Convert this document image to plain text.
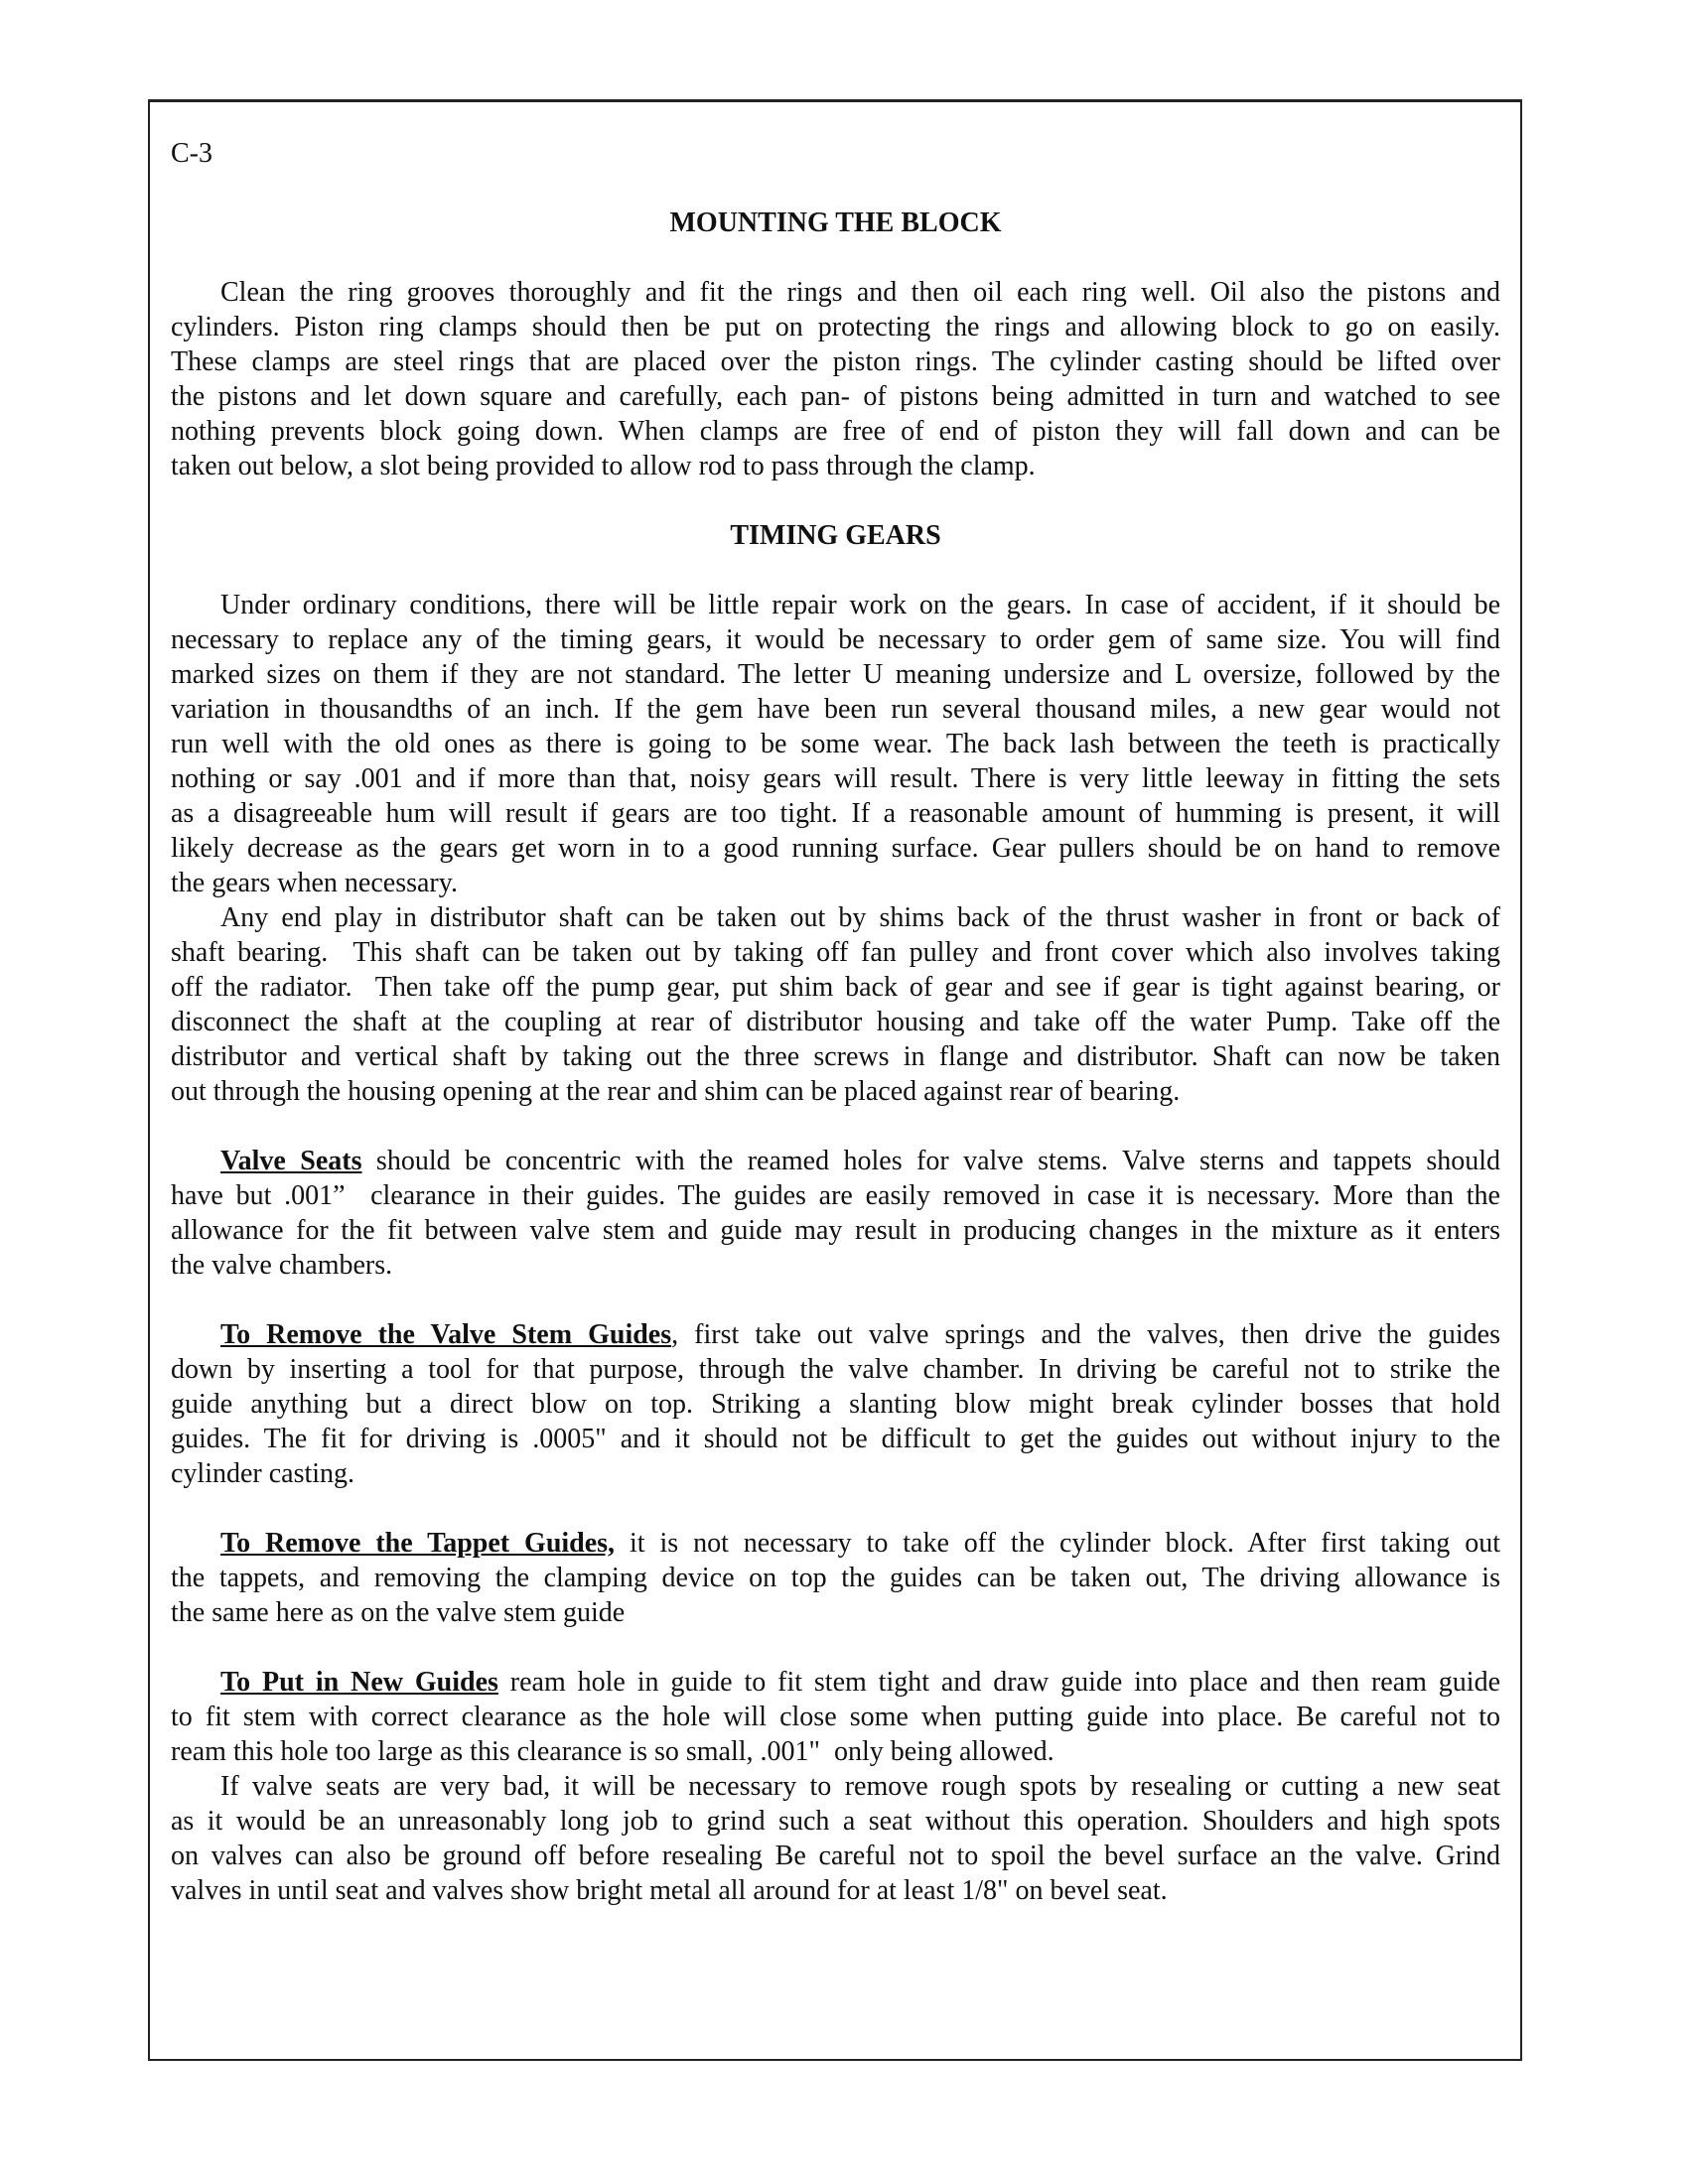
C-3
MOUNTING THE BLOCK
TIMING GEARS
Clean the ring grooves thoroughly and fit the rings and then oil each ring well. Oil also the pistons and
cylinders. Piston ring clamps should then be put on protecting the rings and allowing block to go on easily.
These clamps are steel rings that are placed over the piston rings. The cylinder casting should be lifted over
the pistons and let down square and carefully, each pan- of pistons being admitted in turn and watched to see
nothing prevents block going down. When clamps are free of end of piston they will fall down and can be
taken out below, a slot being provided to allow rod to pass through the clamp.
Under ordinary conditions, there will be little repair work on the gears. In case of accident, if it should be
necessary to replace any of the timing gears, it would be necessary to order gem of same size. You will find
marked sizes on them if they are not standard. The letter U meaning undersize and L oversize, followed by the
variation in thousandths of an inch. If the gem have been run several thousand miles, a new gear would not
run well with the old ones as there is going to be some wear. The back lash between the teeth is practically
nothing or say .001 and if more than that, noisy gears will result. There is very little leeway in fitting the sets
as a disagreeable hum will result if gears are too tight. If a reasonable amount of humming is present, it will
likely decrease as the gears get worn in to a good running surface. Gear pullers should be on hand to remove
the gears when necessary.
Any end play in distributor shaft can be taken out by shims back of the thrust washer in front or back of
shaft bearing.  This shaft can be taken out by taking off fan pulley and front cover which also involves taking
off the radiator.  Then take off the pump gear, put shim back of gear and see if gear is tight against bearing, or
disconnect the shaft at the coupling at rear of distributor housing and take off the water Pump. Take off the
distributor and vertical shaft by taking out the three screws in flange and distributor. Shaft can now be taken
out through the housing opening at the rear and shim can be placed against rear of bearing.
Valve Seats should be concentric with the reamed holes for valve stems. Valve sterns and tappets should
have but .001”  clearance in their guides. The guides are easily removed in case it is necessary. More than the
allowance for the fit between valve stem and guide may result in producing changes in the mixture as it enters
the valve chambers.
To Remove the Valve Stem Guides, first take out valve springs and the valves, then drive the guides
down by inserting a tool for that purpose, through the valve chamber. In driving be careful not to strike the
guide anything but a direct blow on top. Striking a slanting blow might break cylinder bosses that hold
guides. The fit for driving is .0005" and it should not be difficult to get the guides out without injury to the
cylinder casting.
To Remove the Tappet Guides, it is not necessary to take off the cylinder block. After first taking out
the tappets, and removing the clamping device on top the guides can be taken out, The driving allowance is
the same here as on the valve stem guide
To Put in New Guides ream hole in guide to fit stem tight and draw guide into place and then ream guide
to fit stem with correct clearance as the hole will close some when putting guide into place. Be careful not to
ream this hole too large as this clearance is so small, .001"  only being allowed.
If valve seats are very bad, it will be necessary to remove rough spots by resealing or cutting a new seat
as it would be an unreasonably long job to grind such a seat without this operation. Shoulders and high spots
on valves can also be ground off before resealing Be careful not to spoil the bevel surface an the valve. Grind
valves in until seat and valves show bright metal all around for at least 1/8" on bevel seat.
